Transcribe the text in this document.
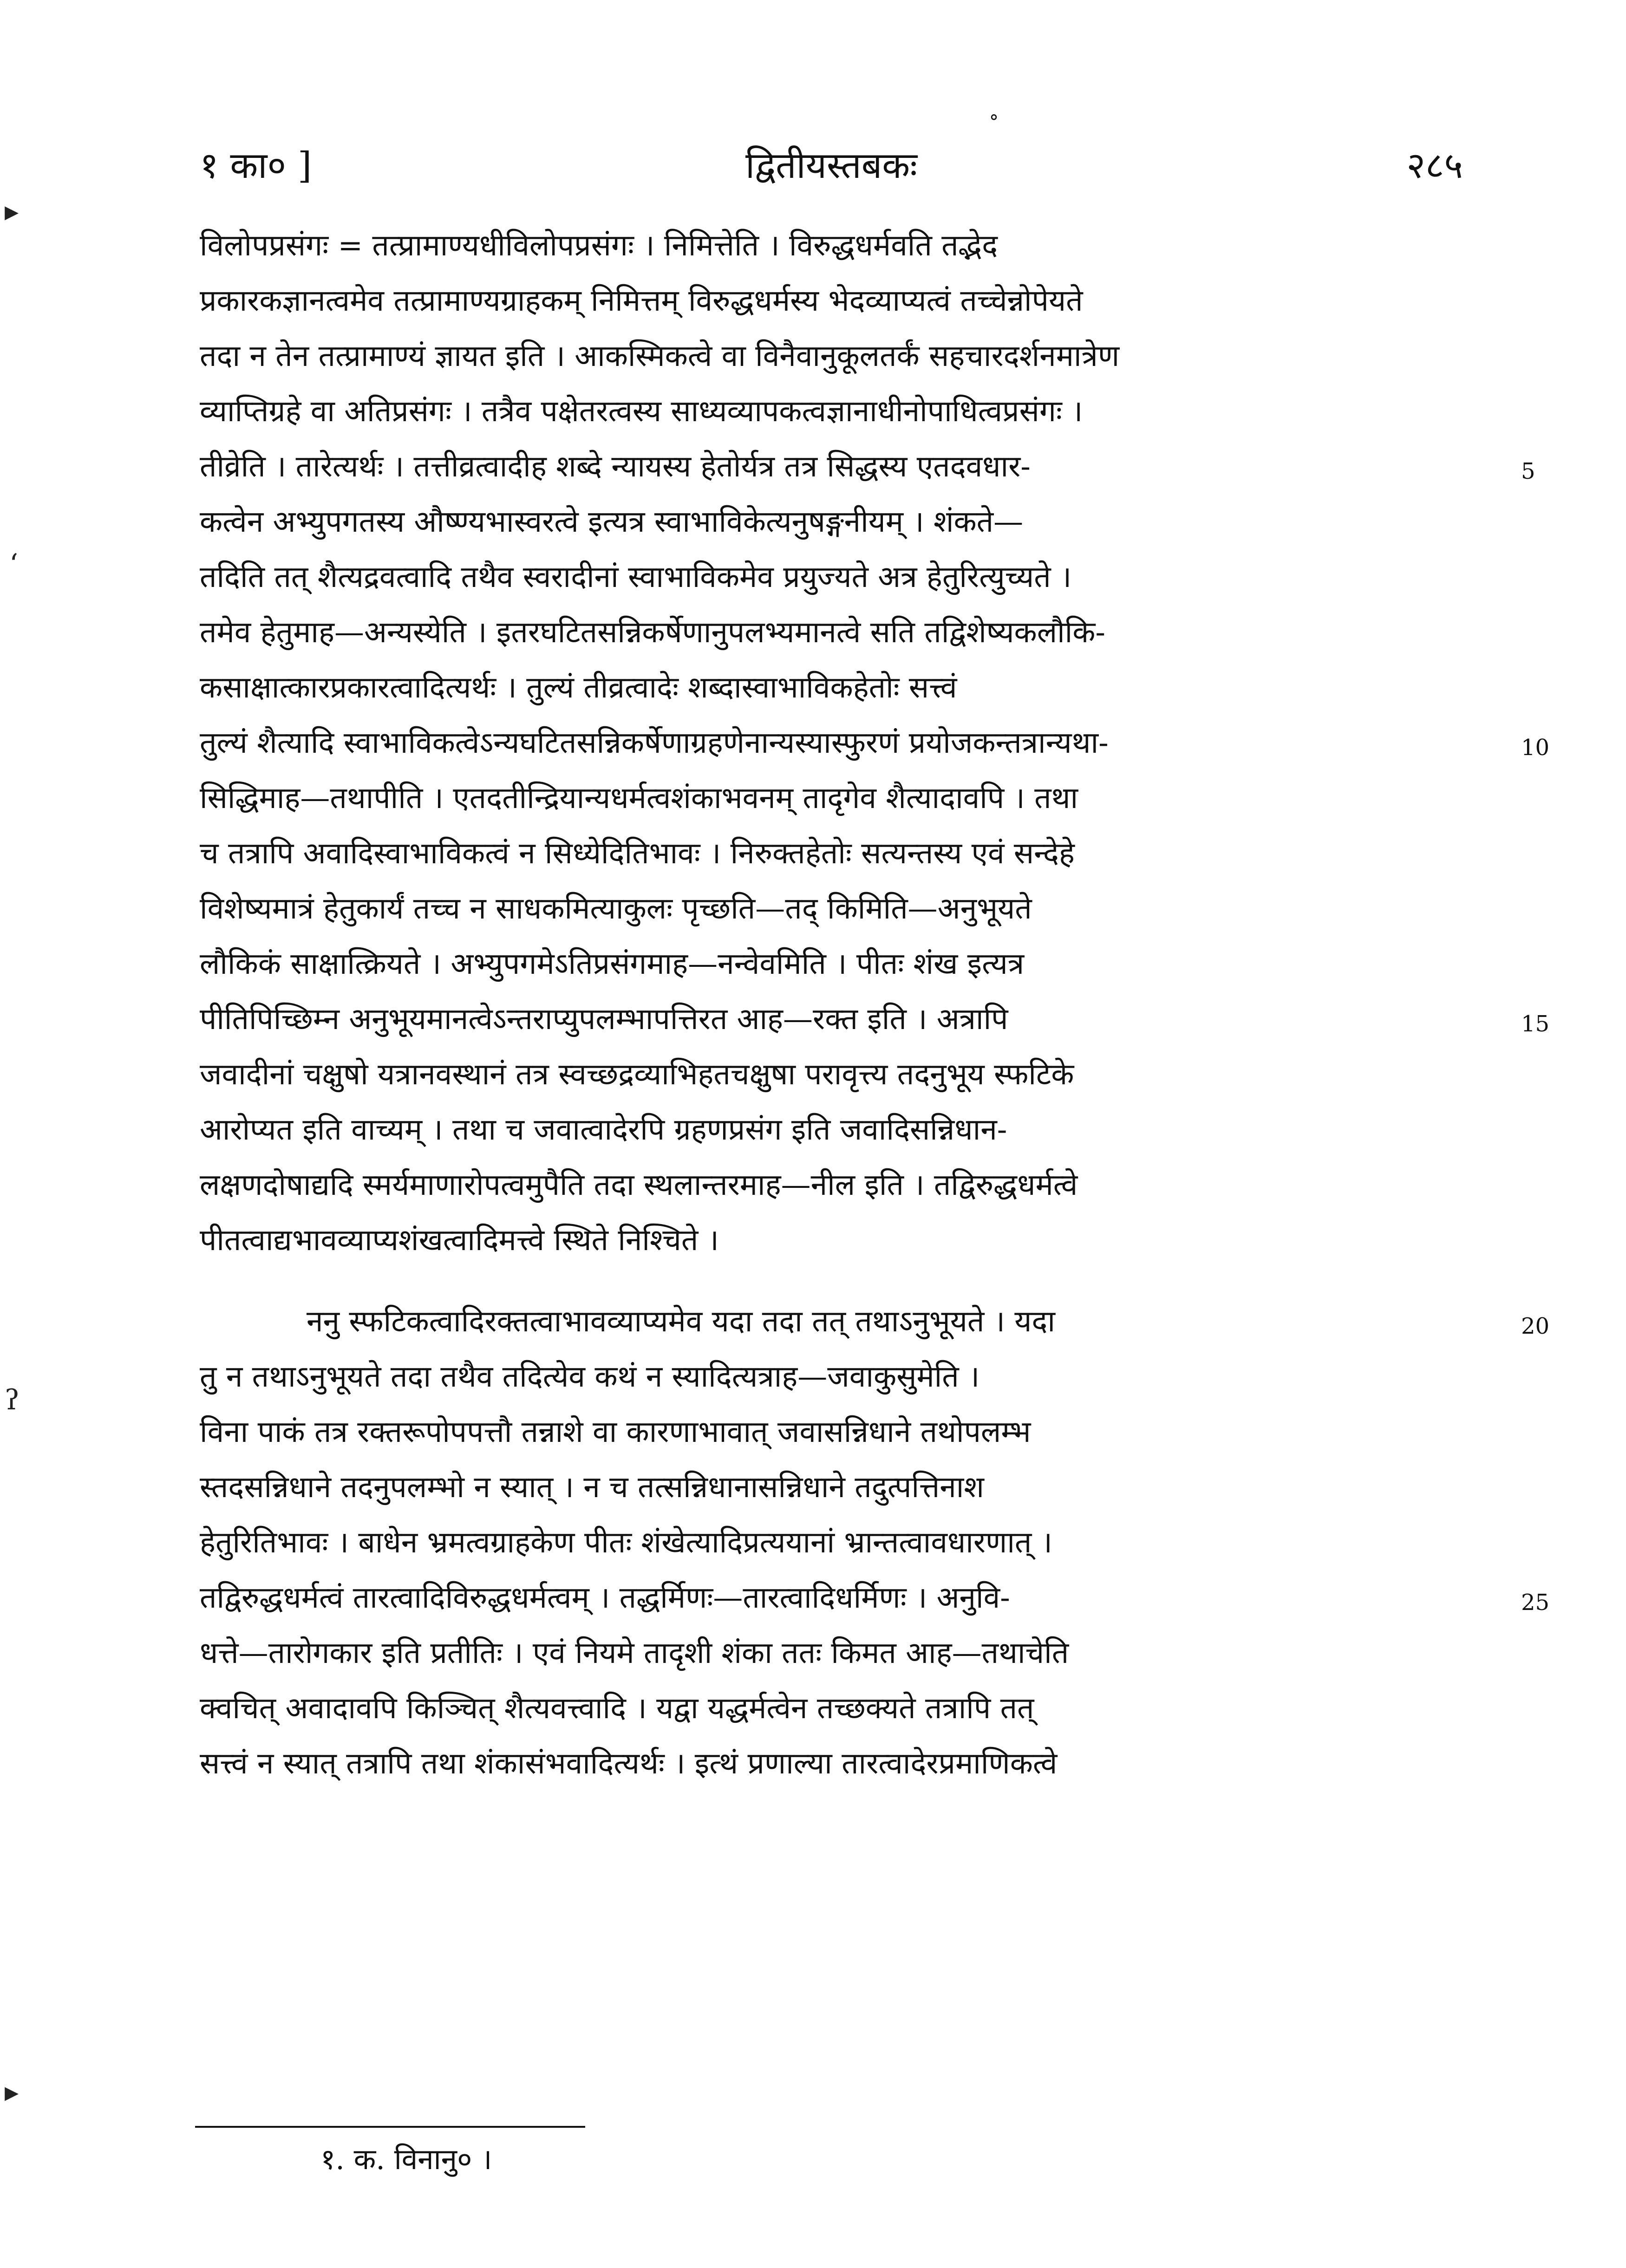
°
▸
ʻ
ʔ
▸
१ का० ]	द्वितीयस्तबकः	२८५
विलोपप्रसंगः = तत्प्रामाण्यधीविलोपप्रसंगः । निमित्तेति । विरुद्धधर्मवति तद्भेद
प्रकारकज्ञानत्वमेव तत्प्रामाण्यग्राहकम् निमित्तम् विरुद्धधर्मस्य भेदव्याप्यत्वं तच्चेन्नोपेयते
तदा न तेन तत्प्रामाण्यं ज्ञायत इति । आकस्मिकत्वे वा विनैवानुकूलतर्कं सहचारदर्शनमात्रेण
व्याप्तिग्रहे वा अतिप्रसंगः । तत्रैव पक्षेतरत्वस्य साध्यव्यापकत्वज्ञानाधीनोपाधित्वप्रसंगः ।
तीव्रेति । तारेत्यर्थः । तत्तीव्रत्वादीह शब्दे न्यायस्य हेतोर्यत्र तत्र सिद्धस्य एतदवधार-	5
कत्वेन अभ्युपगतस्य औष्ण्यभास्वरत्वे इत्यत्र स्वाभाविकेत्यनुषङ्गनीयम् । शंकते—
तदिति तत् शैत्यद्रवत्वादि तथैव स्वरादीनां स्वाभाविकमेव प्रयुज्यते अत्र हेतुरित्युच्यते ।
तमेव हेतुमाह—अन्यस्येति । इतरघटितसन्निकर्षेणानुपलभ्यमानत्वे सति तद्विशेष्यकलौकि-
कसाक्षात्कारप्रकारत्वादित्यर्थः । तुल्यं तीव्रत्वादेः शब्दास्वाभाविकहेतोः सत्त्वं
तुल्यं शैत्यादि स्वाभाविकत्वेऽन्यघटितसन्निकर्षेणाग्रहणेनान्यस्यास्फुरणं प्रयोजकन्तत्रान्यथा-	10
सिद्धिमाह—तथापीति । एतदतीन्द्रियान्यधर्मत्वशंकाभवनम् तादृगेव शैत्यादावपि । तथा
च तत्रापि अवादिस्वाभाविकत्वं न सिध्येदितिभावः । निरुक्तहेतोः सत्यन्तस्य एवं सन्देहे
विशेष्यमात्रं हेतुकार्यं तच्च न साधकमित्याकुलः पृच्छति—तद् किमिति—अनुभूयते
लौकिकं साक्षात्क्रियते । अभ्युपगमेऽतिप्रसंगमाह—नन्वेवमिति । पीतः शंख इत्यत्र
पीतिपिच्छिम्न अनुभूयमानत्वेऽन्तराप्युपलम्भापत्तिरत आह—रक्त इति । अत्रापि	15
जवादीनां चक्षुषो यत्रानवस्थानं तत्र स्वच्छद्रव्याभिहतचक्षुषा परावृत्त्य तदनुभूय स्फटिके
आरोप्यत इति वाच्यम् । तथा च जवात्वादेरपि ग्रहणप्रसंग इति जवादिसन्निधान-
लक्षणदोषाद्यदि स्मर्यमाणारोपत्वमुपैति तदा स्थलान्तरमाह—नील इति । तद्विरुद्धधर्मत्वे
पीतत्वाद्यभावव्याप्यशंखत्वादिमत्त्वे स्थिते निश्चिते ।
ननु स्फटिकत्वादिरक्तत्वाभावव्याप्यमेव यदा तदा तत् तथाऽनुभूयते । यदा	20
तु न तथाऽनुभूयते तदा तथैव तदित्येव कथं न स्यादित्यत्राह—जवाकुसुमेति ।
विना पाकं तत्र रक्तरूपोपपत्तौ तन्नाशे वा कारणाभावात् जवासन्निधाने तथोपलम्भ
स्तदसन्निधाने तदनुपलम्भो न स्यात् । न च तत्सन्निधानासन्निधाने तदुत्पत्तिनाश
हेतुरितिभावः । बाधेन भ्रमत्वग्राहकेण पीतः शंखेत्यादिप्रत्ययानां भ्रान्तत्वावधारणात् ।
तद्विरुद्धधर्मत्वं तारत्वादिविरुद्धधर्मत्वम् । तद्धर्मिणः—तारत्वादिधर्मिणः । अनुवि-	25
धत्ते—तारोगकार इति प्रतीतिः । एवं नियमे तादृशी शंका ततः किमत आह—तथाचेति
क्वचित् अवादावपि किञ्चित् शैत्यवत्त्वादि । यद्वा यद्धर्मत्वेन तच्छक्यते तत्रापि तत्
सत्त्वं न स्यात् तत्रापि तथा शंकासंभवादित्यर्थः । इत्थं प्रणाल्या तारत्वादेरप्रमाणिकत्वे
१. क. विनानु० ।
